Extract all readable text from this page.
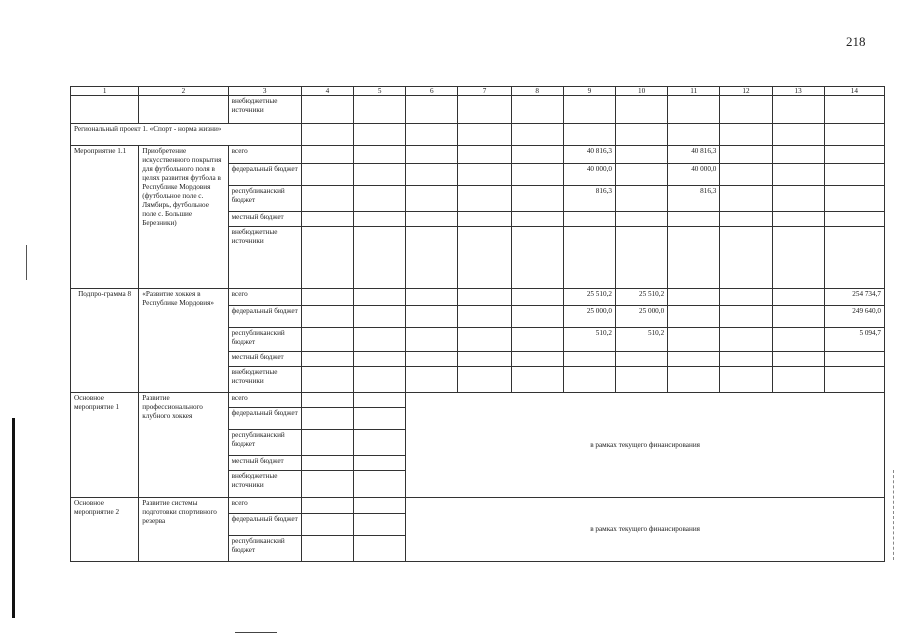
218
1	2	3	4	5	6	7	8	9	10	11	12	13	14
		внебюджетные источники											
Региональный проект 1. «Спорт - норма жизни»													
Мероприятие 1.1	Приобретение искусственного покрытия для футбольного поля в целях развития футбола в Республике Мордовия (футбольное поле с. Лямбирь, футбольное поле с. Большие Березники)	всего						40 816,3		40 816,3			
		федеральный бюджет						40 000,0		40 000,0			
		республиканский бюджет						816,3		816,3			
		местный бюджет											
		внебюджетные источники											
Подпро-грамма 8	«Развитие хоккея в Республике Мордовия»	всего						25 510,2	25 510,2				254 734,7
		федеральный бюджет						25 000,0	25 000,0				249 640,0
		республиканский бюджет						510,2	510,2				5 094,7
		местный бюджет											
		внебюджетные источники											
Основное мероприятие 1	Развитие профессионального клубного хоккея	всего			в рамках текущего финансирования								
		федеральный бюджет											
		республиканский бюджет											
		местный бюджет											
		внебюджетные источники											
Основное мероприятие 2	Развитие системы подготовки спортивного резерва	всего			в рамках текущего финансирования								
		федеральный бюджет											
		республиканский бюджет											
